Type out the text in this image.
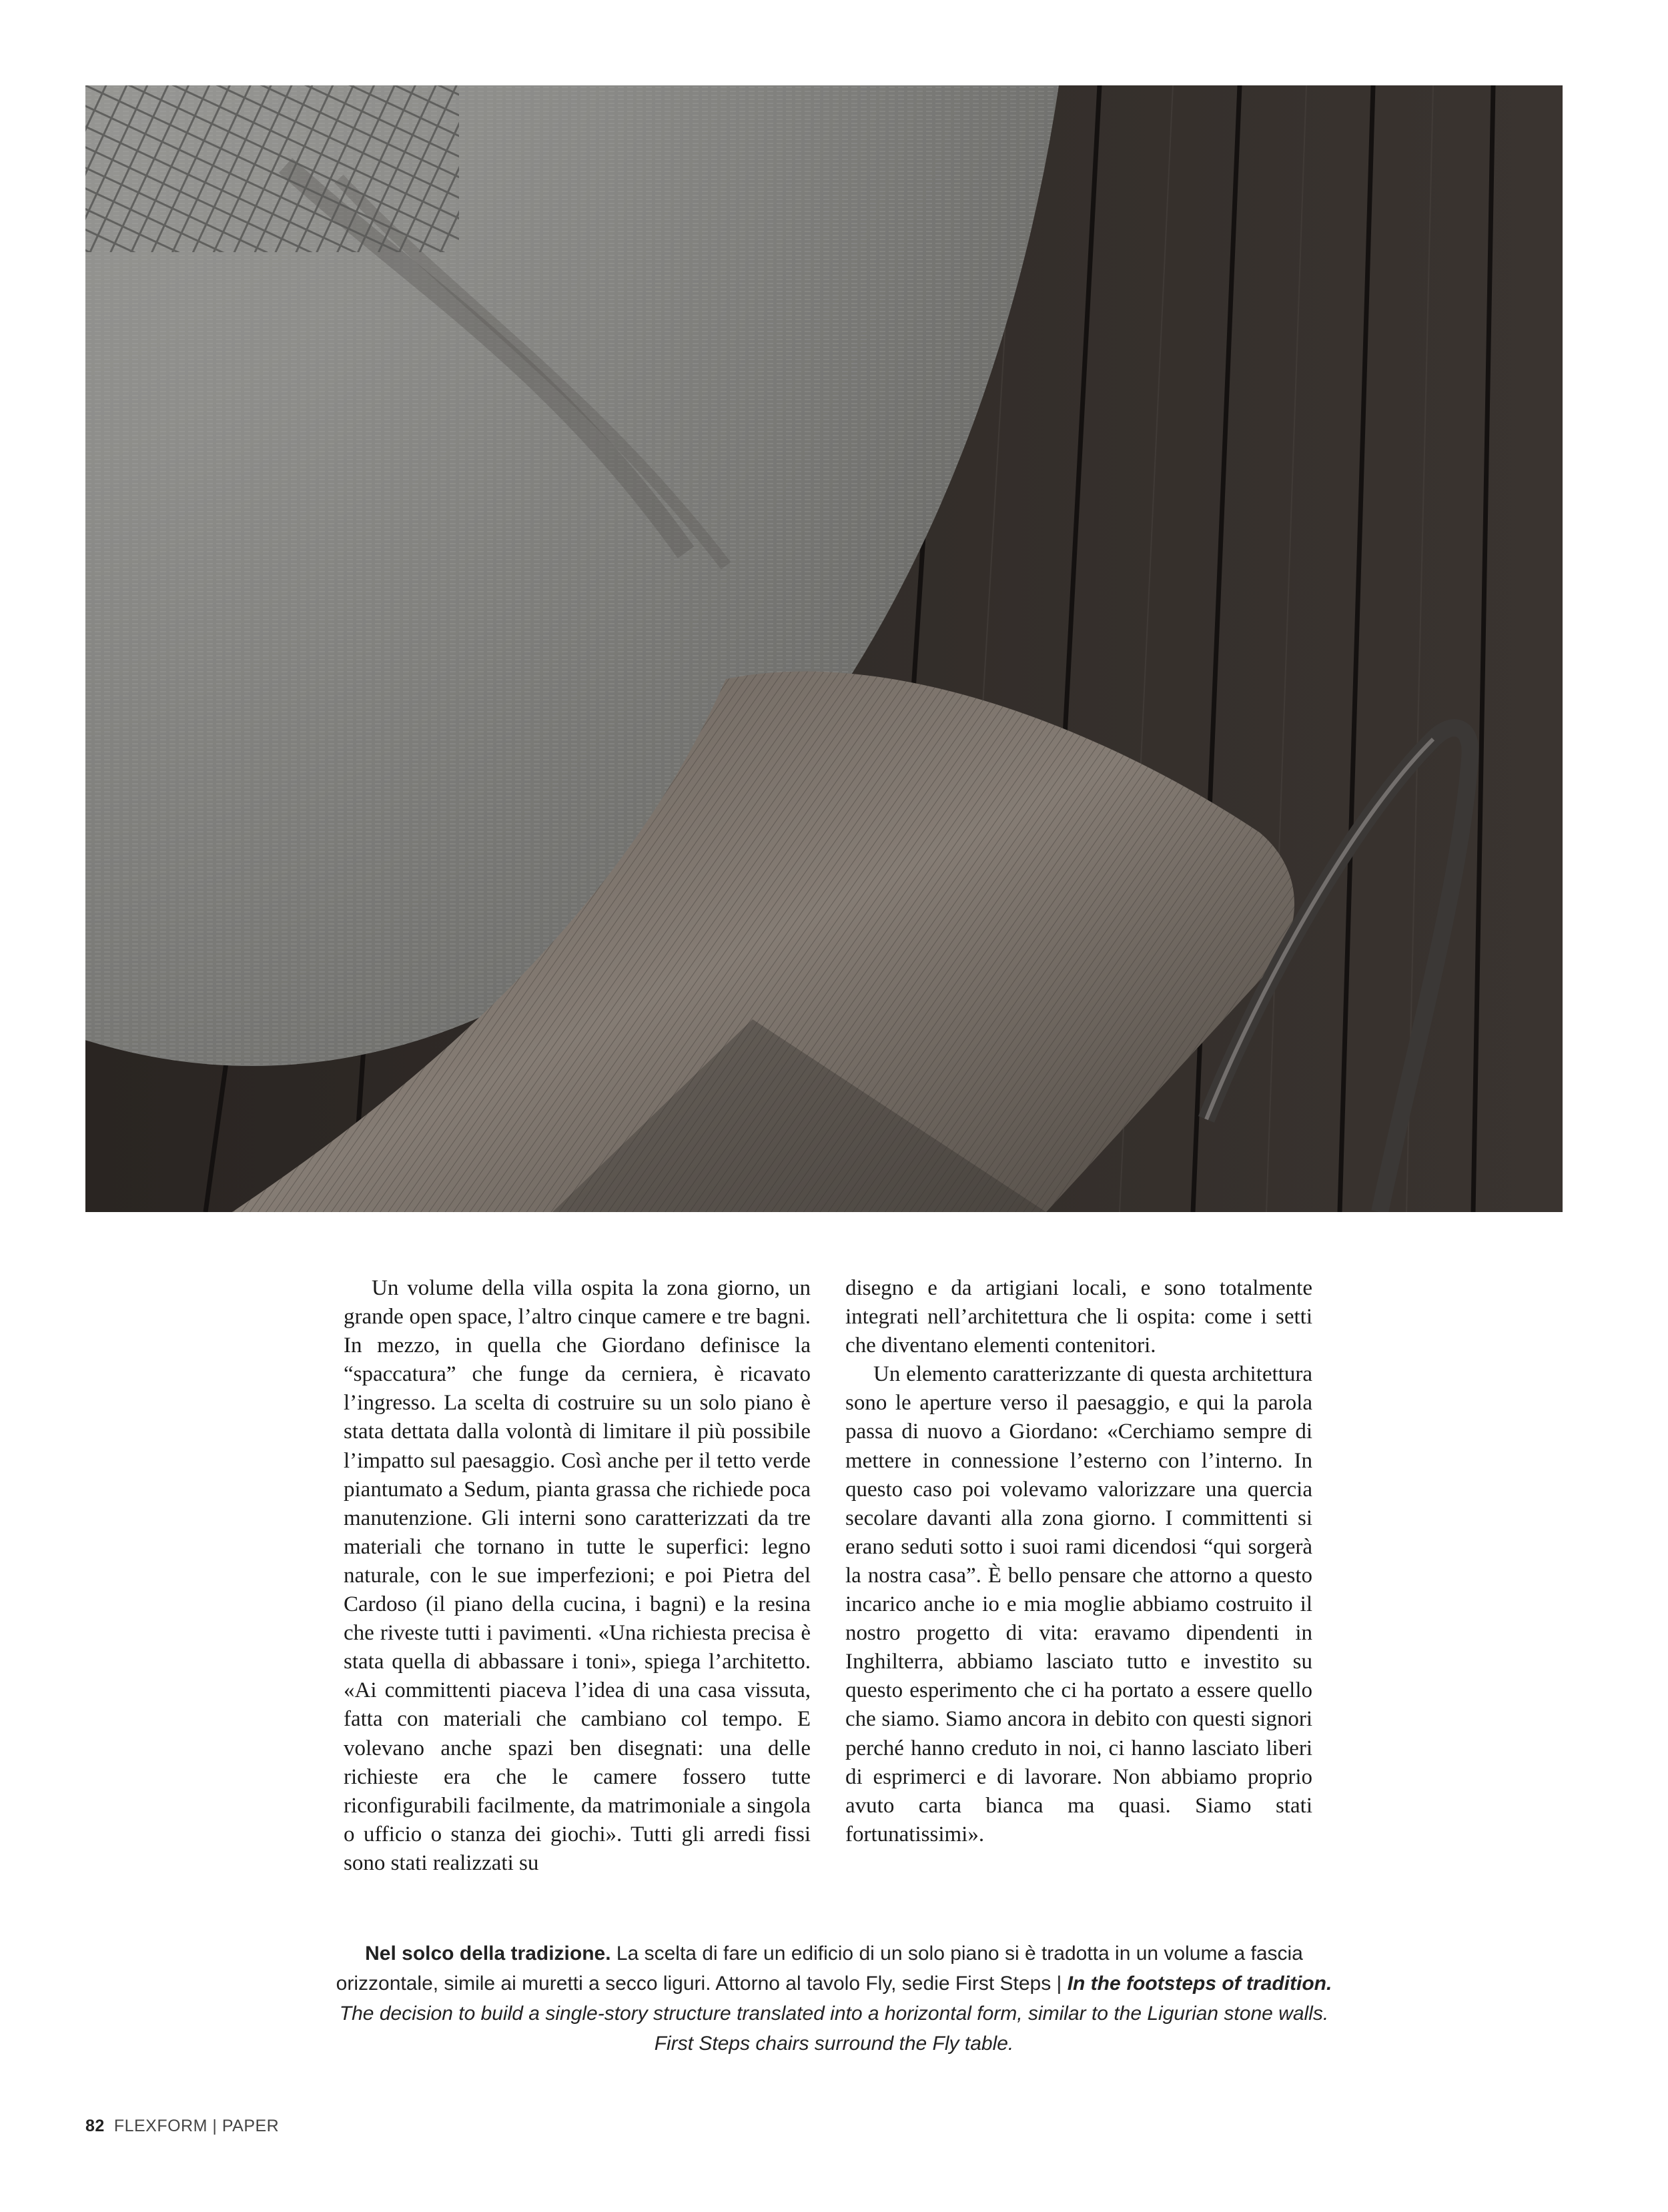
Un volume della villa ospita la zona giorno, un grande open space, l’altro cinque camere e tre bagni. In mezzo, in quella che Giordano definisce la “spaccatura” che funge da cerniera, è ricavato l’ingresso. La scelta di costruire su un solo piano è stata dettata dalla volontà di limitare il più possibile l’impatto sul paesaggio. Così anche per il tetto verde piantumato a Sedum, pianta grassa che richiede poca manutenzione. Gli interni sono caratterizzati da tre materiali che tornano in tutte le superfici: legno naturale, con le sue imperfezioni; e poi Pietra del Cardoso (il piano della cucina, i bagni) e la resina che riveste tutti i pavimenti. «Una richiesta precisa è stata quella di abbassare i toni», spiega l’architetto. «Ai committenti piaceva l’idea di una casa vissuta, fatta con materiali che cambiano col tempo. E volevano anche spazi ben disegnati: una delle richieste era che le camere fossero tutte riconfigurabili facilmente, da matrimoniale a singola o ufficio o stanza dei giochi». Tutti gli arredi fissi sono stati realizzati su

disegno e da artigiani locali, e sono totalmente integrati nell’architettura che li ospita: come i setti che diventano elementi contenitori.

Un elemento caratterizzante di questa architettura sono le aperture verso il paesaggio, e qui la parola passa di nuovo a Giordano: «Cerchiamo sempre di mettere in connessione l’esterno con l’interno. In questo caso poi volevamo valorizzare una quercia secolare davanti alla zona giorno. I committenti si erano seduti sotto i suoi rami dicendosi “qui sorgerà la nostra casa”. È bello pensare che attorno a questo incarico anche io e mia moglie abbiamo costruito il nostro progetto di vita: eravamo dipendenti in Inghilterra, abbiamo lasciato tutto e investito su questo esperimento che ci ha portato a essere quello che siamo. Siamo ancora in debito con questi signori perché hanno creduto in noi, ci hanno lasciato liberi di esprimerci e di lavorare. Non abbiamo proprio avuto carta bianca ma quasi. Siamo stati fortunatissimi».

Nel solco della tradizione. La scelta di fare un edificio di un solo piano si è tradotta in un volume a fascia orizzontale, simile ai muretti a secco liguri. Attorno al tavolo Fly, sedie First Steps | In the footsteps of tradition. The decision to build a single-story structure translated into a horizontal form, similar to the Ligurian stone walls. First Steps chairs surround the Fly table.
82 FLEXFORM | PAPER
